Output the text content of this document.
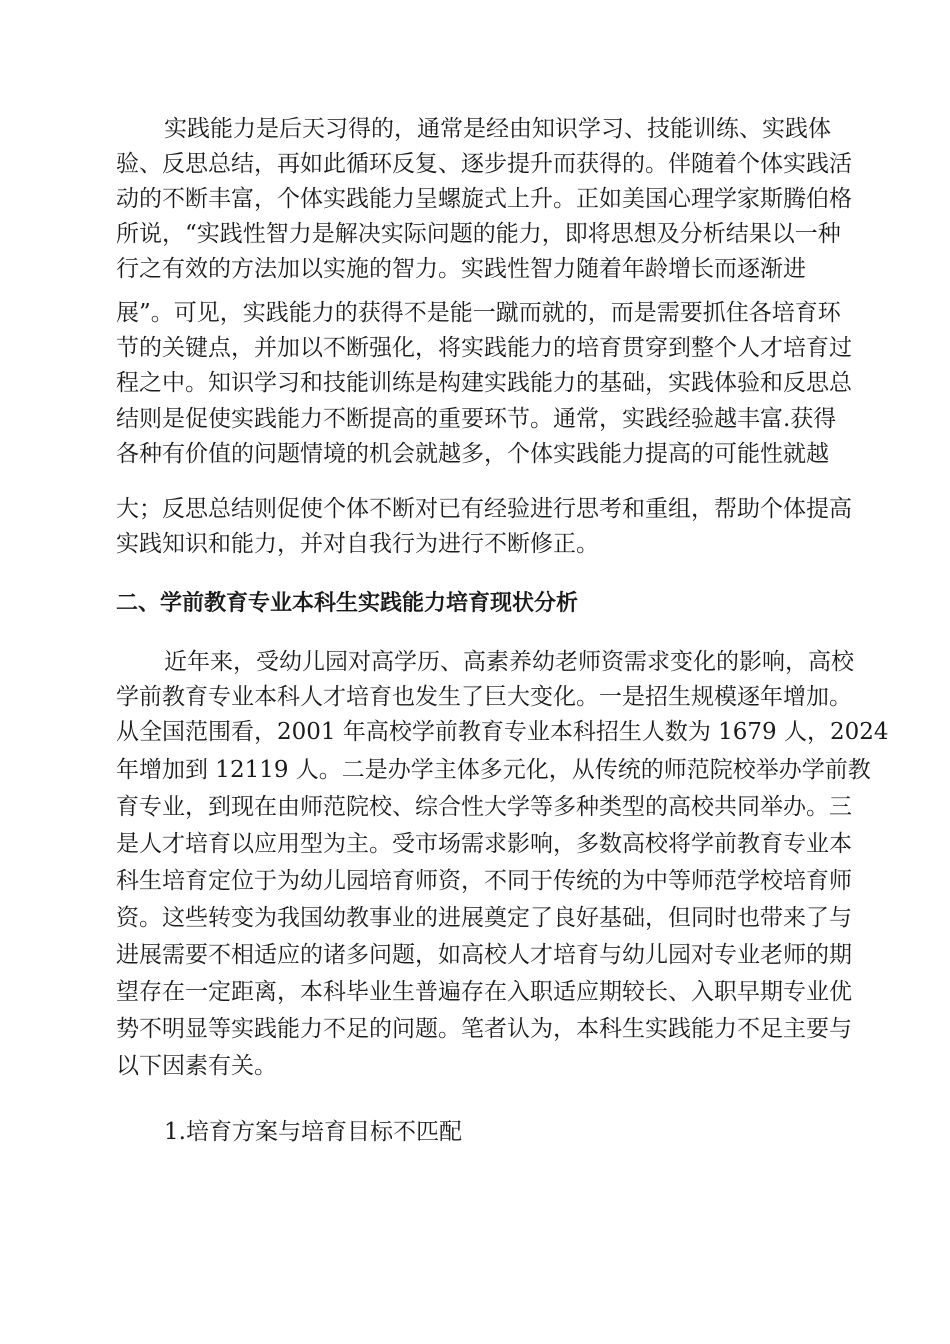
实践能力是后天习得的，通常是经由知识学习、技能训练、实践体

验、反思总结，再如此循环反复、逐步提升而获得的。伴随着个体实践活

动的不断丰富，个体实践能力呈螺旋式上升。正如美国心理学家斯腾伯格

所说，“实践性智力是解决实际问题的能力，即将思想及分析结果以一种

行之有效的方法加以实施的智力。实践性智力随着年龄增长而逐渐进

展”。可见，实践能力的获得不是能一蹴而就的，而是需要抓住各培育环

节的关键点，并加以不断强化，将实践能力的培育贯穿到整个人才培育过

程之中。知识学习和技能训练是构建实践能力的基础，实践体验和反思总

结则是促使实践能力不断提高的重要环节。通常，实践经验越丰富.获得

各种有价值的问题情境的机会就越多，个体实践能力提高的可能性就越

大；反思总结则促使个体不断对已有经验进行思考和重组，帮助个体提高

实践知识和能力，并对自我行为进行不断修正。

二、学前教育专业本科生实践能力培育现状分析

近年来，受幼儿园对高学历、高素养幼老师资需求变化的影响，高校

学前教育专业本科人才培育也发生了巨大变化。一是招生规模逐年增加。

从全国范围看，2001 年高校学前教育专业本科招生人数为 1679 人，2024

年增加到 12119 人。二是办学主体多元化，从传统的师范院校举办学前教

育专业，到现在由师范院校、综合性大学等多种类型的高校共同举办。三

是人才培育以应用型为主。受市场需求影响，多数高校将学前教育专业本

科生培育定位于为幼儿园培育师资，不同于传统的为中等师范学校培育师

资。这些转变为我国幼教事业的进展奠定了良好基础，但同时也带来了与

进展需要不相适应的诸多问题，如高校人才培育与幼儿园对专业老师的期

望存在一定距离，本科毕业生普遍存在入职适应期较长、入职早期专业优

势不明显等实践能力不足的问题。笔者认为，本科生实践能力不足主要与

以下因素有关。

1.培育方案与培育目标不匹配
